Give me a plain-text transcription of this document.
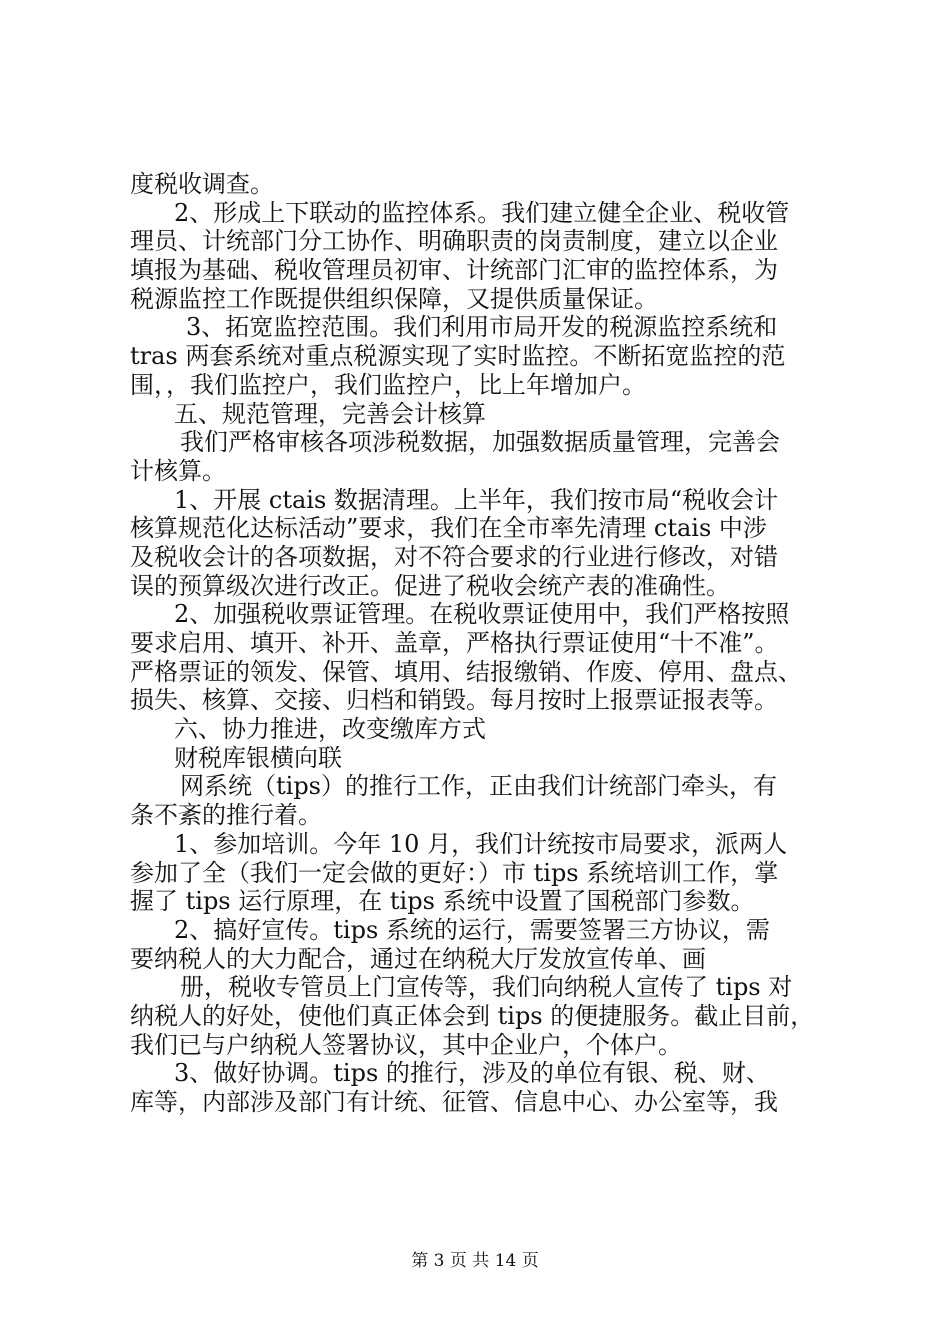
度税收调查。
2、形成上下联动的监控体系。我们建立健全企业、税收管
理员、计统部门分工协作、明确职责的岗责制度，建立以企业
填报为基础、税收管理员初审、计统部门汇审的监控体系，为
税源监控工作既提供组织保障，又提供质量保证。
3、拓宽监控范围。我们利用市局开发的税源监控系统和
tras 两套系统对重点税源实现了实时监控。不断拓宽监控的范
围，，我们监控户，我们监控户，比上年增加户。
五、规范管理，完善会计核算
我们严格审核各项涉税数据，加强数据质量管理，完善会
计核算。
1、开展 ctais 数据清理。上半年，我们按市局“税收会计
核算规范化达标活动”要求，我们在全市率先清理 ctais 中涉
及税收会计的各项数据，对不符合要求的行业进行修改，对错
误的预算级次进行改正。促进了税收会统产表的准确性。
2、加强税收票证管理。在税收票证使用中，我们严格按照
要求启用、填开、补开、盖章，严格执行票证使用“十不准”。
严格票证的领发、保管、填用、结报缴销、作废、停用、盘点、
损失、核算、交接、归档和销毁。每月按时上报票证报表等。
六、协力推进，改变缴库方式
财税库银横向联
网系统（tips）的推行工作，正由我们计统部门牵头，有
条不紊的推行着。
1、参加培训。今年 10 月，我们计统按市局要求，派两人
参加了全（我们一定会做的更好：）市 tips 系统培训工作，掌
握了 tips 运行原理，在 tips 系统中设置了国税部门参数。
2、搞好宣传。tips 系统的运行，需要签署三方协议，需
要纳税人的大力配合，通过在纳税大厅发放宣传单、画
册，税收专管员上门宣传等，我们向纳税人宣传了 tips 对
纳税人的好处，使他们真正体会到 tips 的便捷服务。截止目前，
我们已与户纳税人签署协议，其中企业户，个体户。
3、做好协调。tips 的推行，涉及的单位有银、税、财、
库等，内部涉及部门有计统、征管、信息中心、办公室等，我
第 3 页 共 14 页
